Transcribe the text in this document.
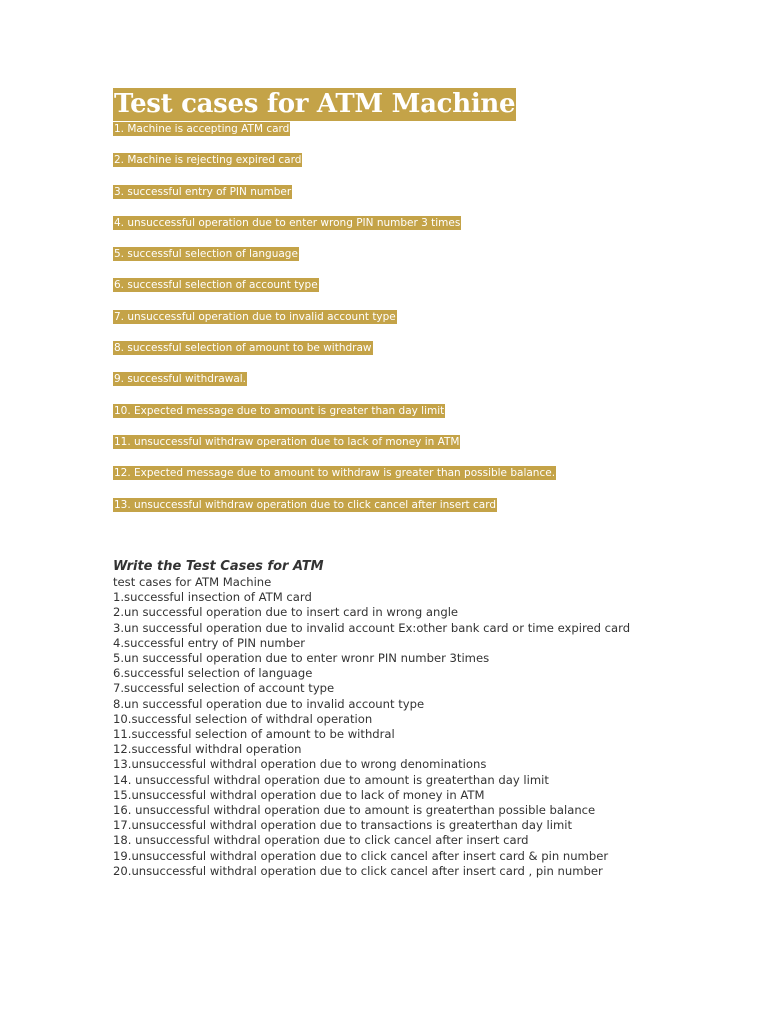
Test cases for ATM Machine
1. Machine is accepting ATM card
2. Machine is rejecting expired card
3. successful entry of PIN number
4. unsuccessful operation due to enter wrong PIN number 3 times
5. successful selection of language
6. successful selection of account type
7. unsuccessful operation due to invalid account type
8. successful selection of amount to be withdraw
9. successful withdrawal.
10. Expected message due to amount is greater than day limit
11. unsuccessful withdraw operation due to lack of money in ATM
12. Expected message due to amount to withdraw is greater than possible balance.
13. unsuccessful withdraw operation due to click cancel after insert card
Write the Test Cases for ATM
test cases for ATM Machine
1.successful insection of ATM card
2.un successful operation due to insert card in wrong angle
3.un successful operation due to invalid account Ex:other bank card or time expired card
4.successful entry of PIN number
5.un successful operation due to enter wronr PIN number 3times
6.successful selection of language
7.successful selection of account type
8.un successful operation due to invalid account type
10.successful selection of withdral operation
11.successful selection of amount to be withdral
12.successful withdral operation
13.unsuccessful withdral operation due to wrong denominations
14. unsuccessful withdral operation due to amount is greaterthan day limit
15.unsuccessful withdral operation due to lack of money in ATM
16. unsuccessful withdral operation due to amount is greaterthan possible balance
17.unsuccessful withdral operation due to transactions is greaterthan day limit
18. unsuccessful withdral operation due to click cancel after insert card
19.unsuccessful withdral operation due to click cancel after insert card & pin number
20.unsuccessful withdral operation due to click cancel after insert card , pin number
